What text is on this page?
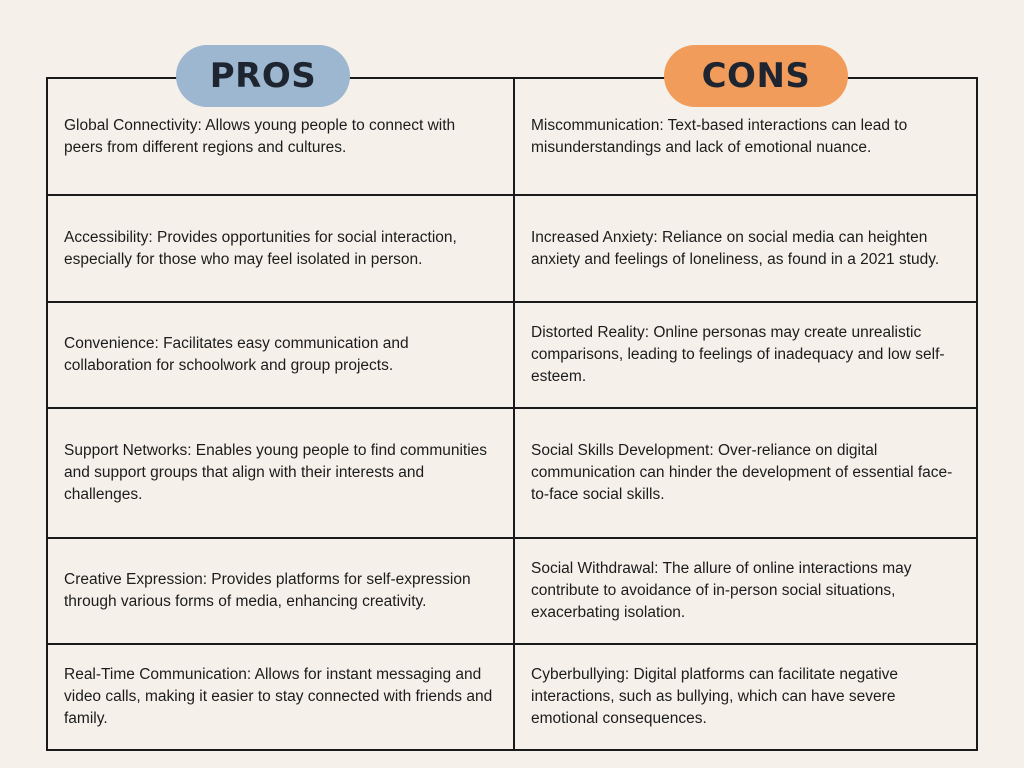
Global Connectivity: Allows young people to connect with peers from different regions and cultures.
Miscommunication: Text-based interactions can lead to misunderstandings and lack of emotional nuance.
Accessibility: Provides opportunities for social interaction, especially for those who may feel isolated in person.
Increased Anxiety: Reliance on social media can heighten anxiety and feelings of loneliness, as found in a 2021 study.
Convenience: Facilitates easy communication and collaboration for schoolwork and group projects.
Distorted Reality: Online personas may create unrealistic comparisons, leading to feelings of inadequacy and low self-esteem.
Support Networks: Enables young people to find communities and support groups that align with their interests and challenges.
Social Skills Development: Over-reliance on digital communication can hinder the development of essential face-to-face social skills.
Creative Expression: Provides platforms for self-expression through various forms of media, enhancing creativity.
Social Withdrawal: The allure of online interactions may contribute to avoidance of in-person social situations, exacerbating isolation.
Real-Time Communication: Allows for instant messaging and video calls, making it easier to stay connected with friends and family.
Cyberbullying: Digital platforms can facilitate negative interactions, such as bullying, which can have severe emotional consequences.
PROS	CONS
